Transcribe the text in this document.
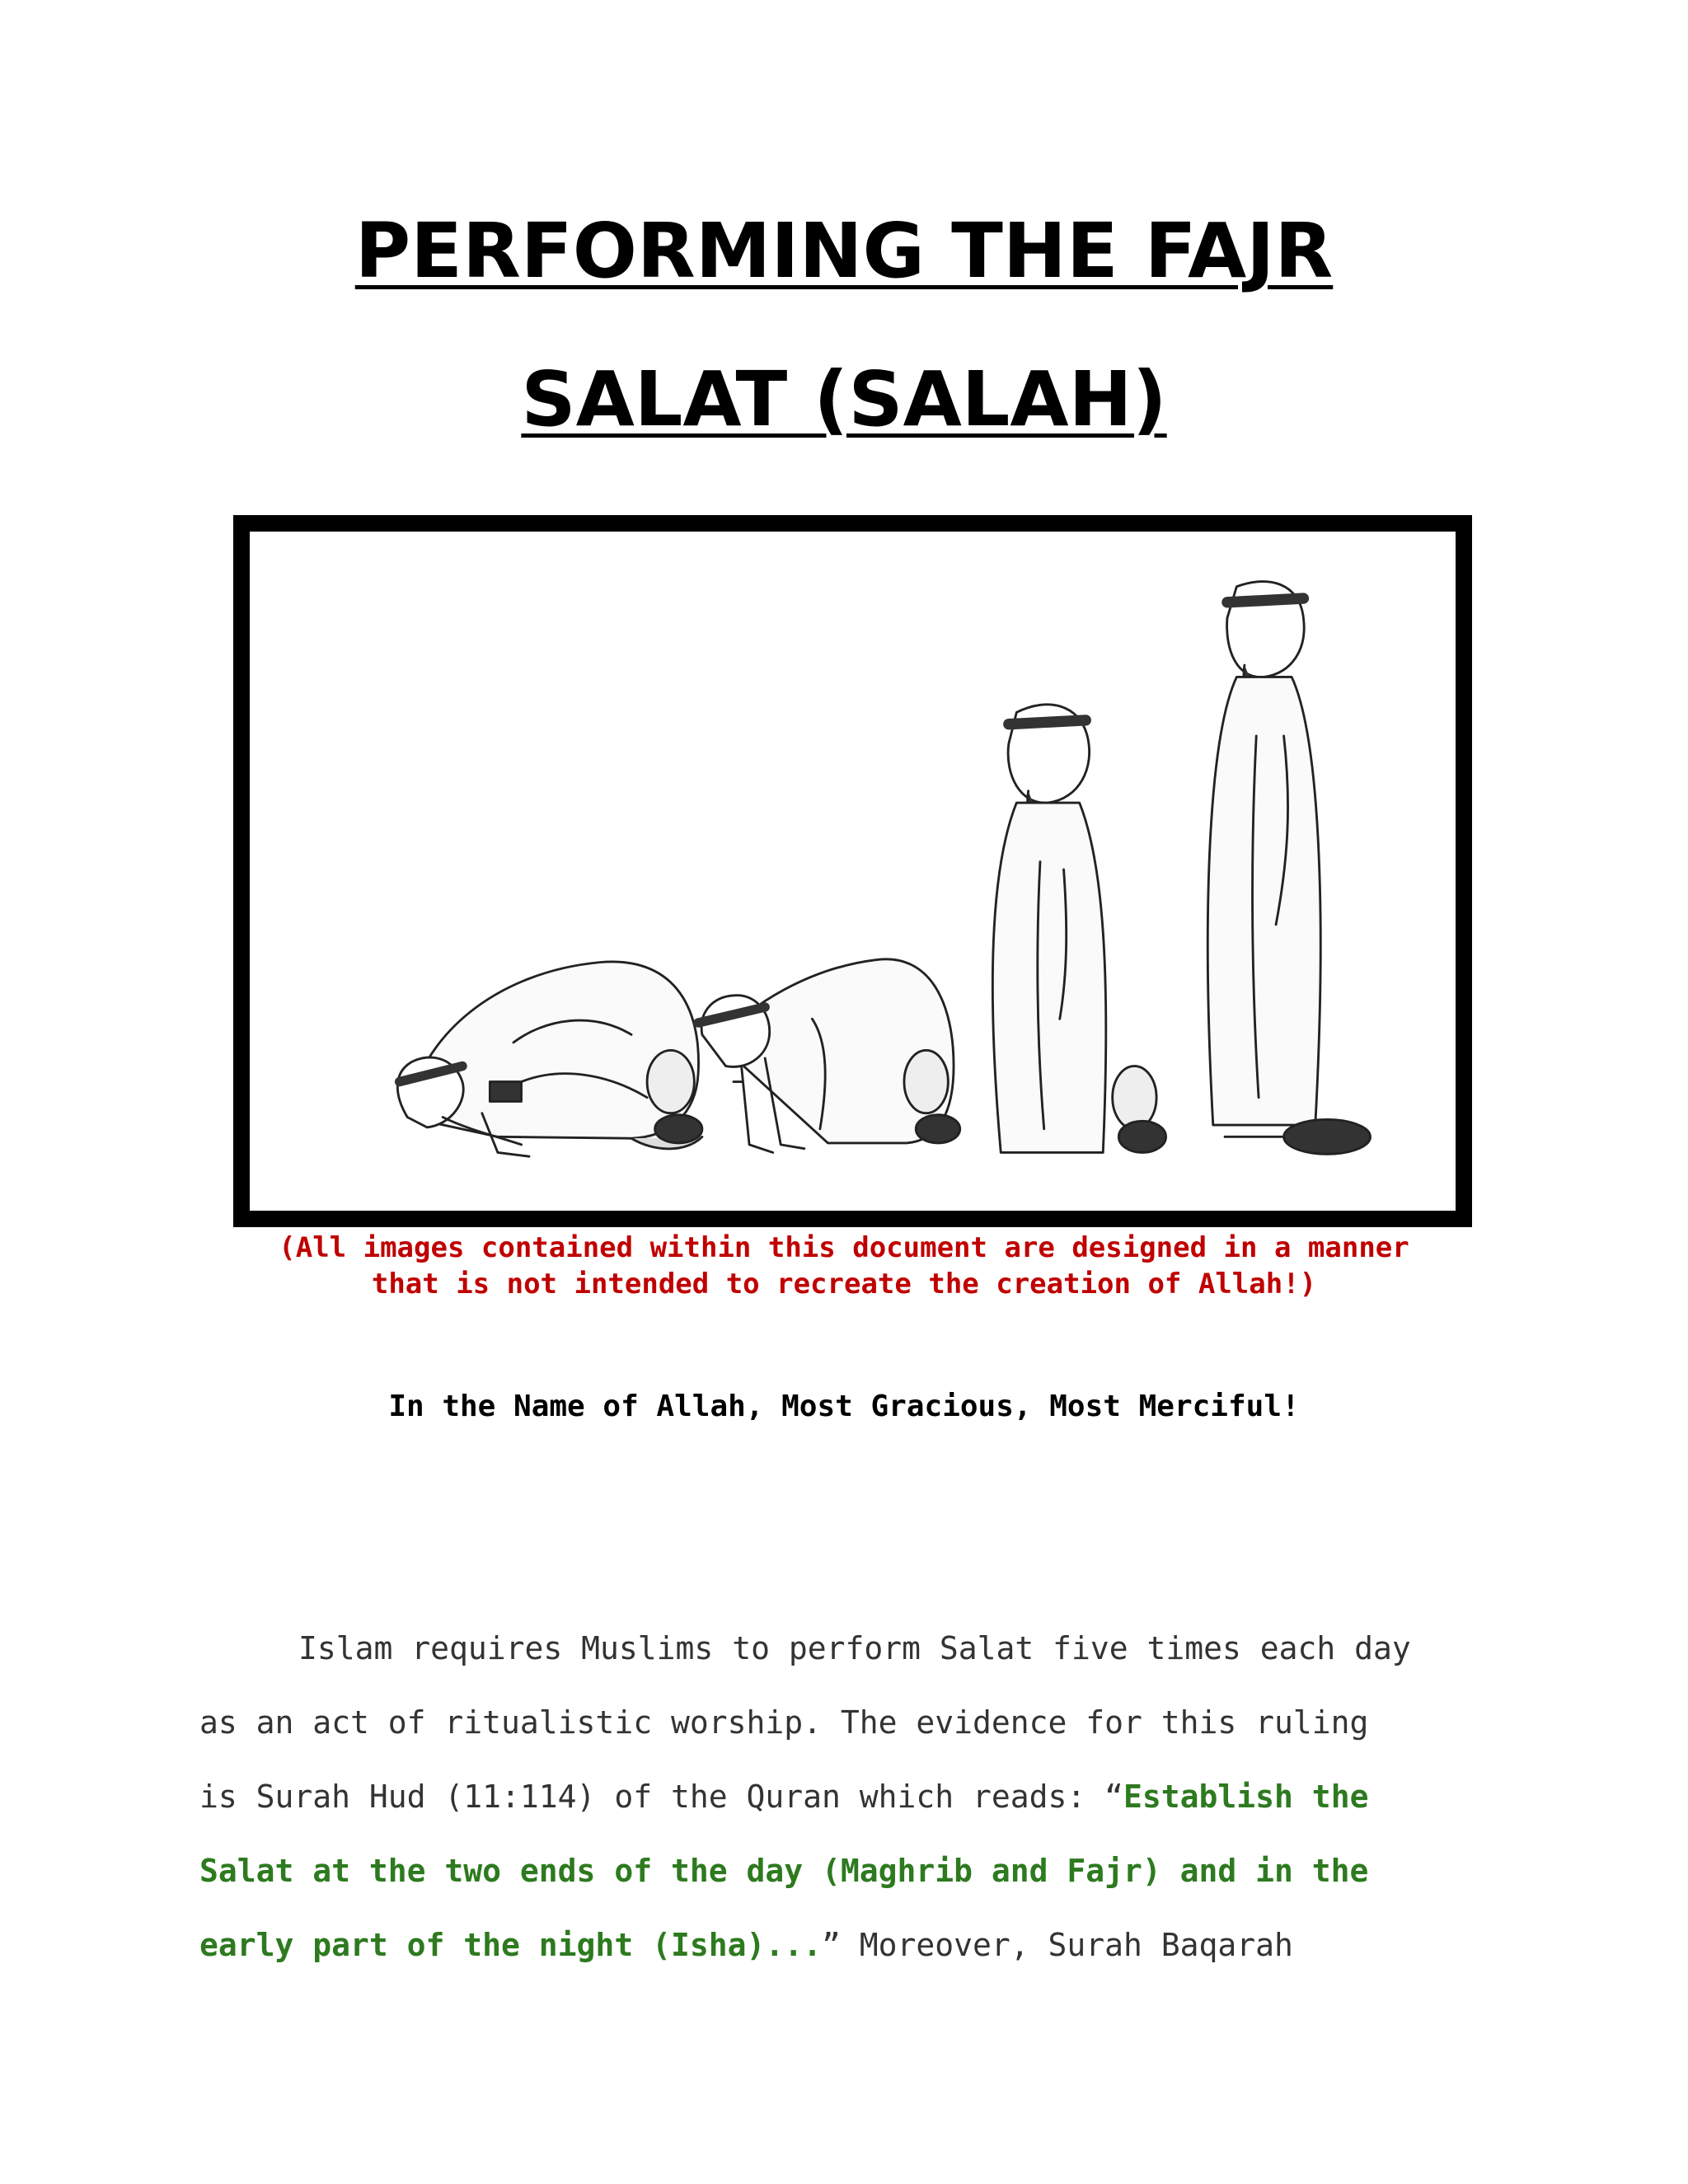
PERFORMING THE FAJR
SALAT (SALAH)
(All images contained within this document are designed in a manner
that is not intended to recreate the creation of Allah!)
In the Name of Allah, Most Gracious, Most Merciful!
Islam requires Muslims to perform Salat five times each day
as an act of ritualistic worship. The evidence for this ruling
is Surah Hud (11:114) of the Quran which reads: “Establish the
Salat at the two ends of the day (Maghrib and Fajr) and in the
early part of the night (Isha)...” Moreover, Surah Baqarah
